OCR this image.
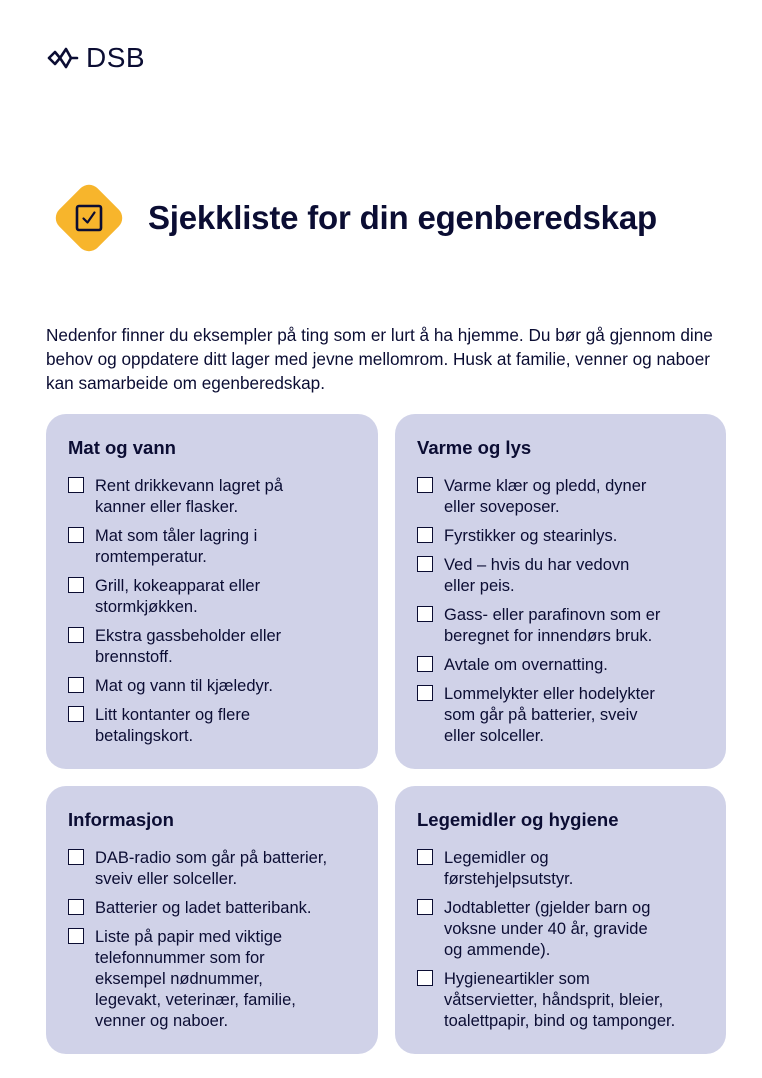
DSB
Sjekkliste for din egenberedskap

Nedenfor finner du eksempler på ting som er lurt å ha hjemme. Du bør gå gjennom dine behov og oppdatere ditt lager med jevne mellomrom. Husk at familie, venner og naboer kan samarbeide om egenberedskap.

Mat og vann
Rent drikkevann lagret på
kanner eller flasker.
Mat som tåler lagring i
romtemperatur.
Grill, kokeapparat eller
stormkjøkken.
Ekstra gassbeholder eller
brennstoff.
Mat og vann til kjæledyr.
Litt kontanter og flere
betalingskort.
Varme og lys
Varme klær og pledd, dyner
eller soveposer.
Fyrstikker og stearinlys.
Ved – hvis du har vedovn
eller peis.
Gass- eller parafinovn som er
beregnet for innendørs bruk.
Avtale om overnatting.
Lommelykter eller hodelykter
som går på batterier, sveiv
eller solceller.
Informasjon
DAB-radio som går på batterier,
sveiv eller solceller.
Batterier og ladet batteribank.
Liste på papir med viktige
telefonnummer som for
eksempel nødnummer,
legevakt, veterinær, familie,
venner og naboer.
Legemidler og hygiene
Legemidler og
førstehjelpsutstyr.
Jodtabletter (gjelder barn og
voksne under 40 år, gravide
og ammende).
Hygieneartikler som
våtservietter, håndsprit, bleier,
toalettpapir, bind og tamponger.
